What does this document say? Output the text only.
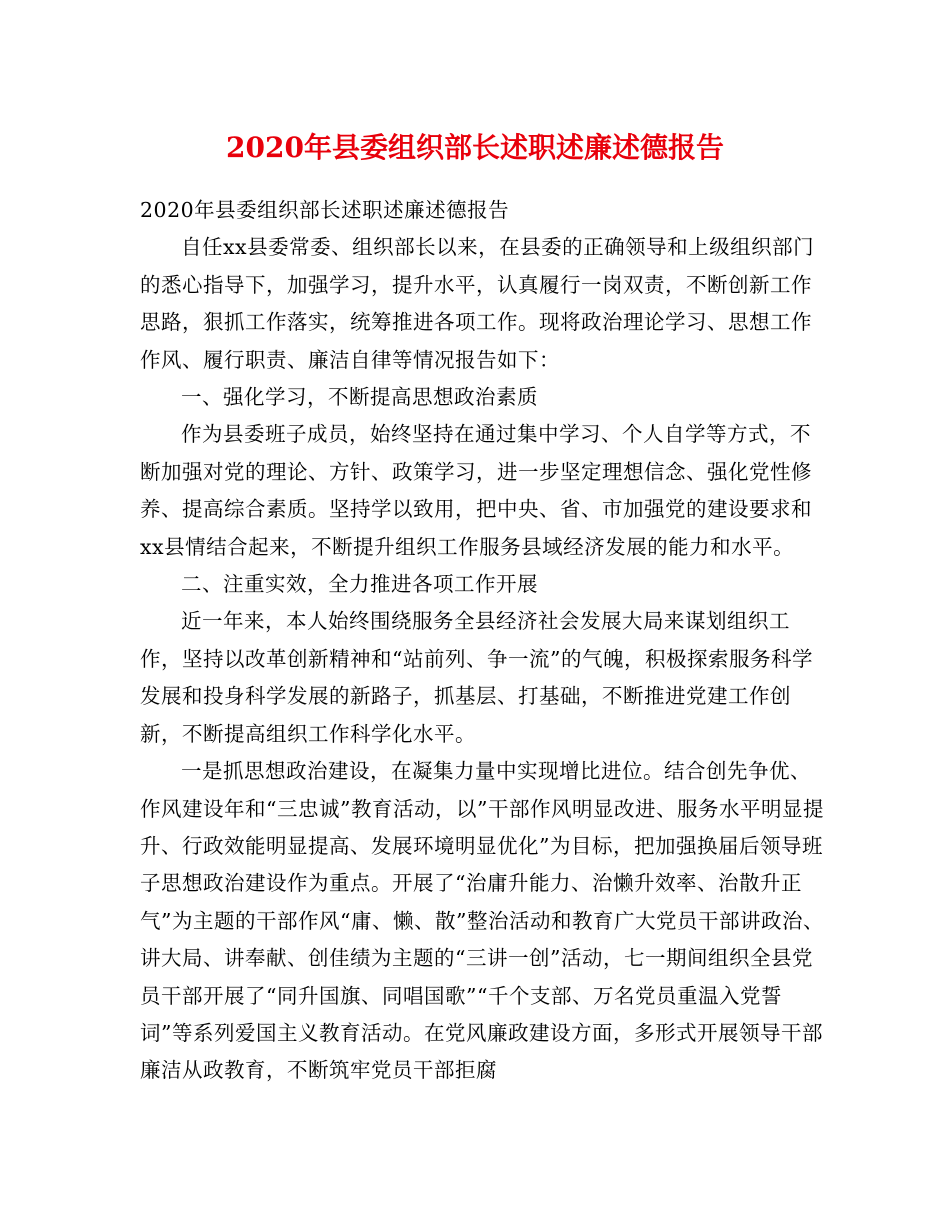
2020年县委组织部长述职述廉述德报告

2020年县委组织部长述职述廉述德报告

自任xx县委常委、组织部长以来，在县委的正确领导和上级组织部门的悉心指导下，加强学习，提升水平，认真履行一岗双责，不断创新工作思路，狠抓工作落实，统筹推进各项工作。现将政治理论学习、思想工作作风、履行职责、廉洁自律等情况报告如下：

一、强化学习，不断提高思想政治素质

作为县委班子成员，始终坚持在通过集中学习、个人自学等方式，不断加强对党的理论、方针、政策学习，进一步坚定理想信念、强化党性修养、提高综合素质。坚持学以致用，把中央、省、市加强党的建设要求和xx县情结合起来，不断提升组织工作服务县域经济发展的能力和水平。

二、注重实效，全力推进各项工作开展

近一年来，本人始终围绕服务全县经济社会发展大局来谋划组织工作，坚持以改革创新精神和“站前列、争一流”的气魄，积极探索服务科学发展和投身科学发展的新路子，抓基层、打基础，不断推进党建工作创新，不断提高组织工作科学化水平。

一是抓思想政治建设，在凝集力量中实现增比进位。结合创先争优、作风建设年和“三忠诚”教育活动，以”干部作风明显改进、服务水平明显提升、行政效能明显提高、发展环境明显优化”为目标，把加强换届后领导班子思想政治建设作为重点。开展了“治庸升能力、治懒升效率、治散升正气”为主题的干部作风“庸、懒、散”整治活动和教育广大党员干部讲政治、讲大局、讲奉献、创佳绩为主题的“三讲一创”活动，七一期间组织全县党员干部开展了“同升国旗、同唱国歌”“千个支部、万名党员重温入党誓词”等系列爱国主义教育活动。在党风廉政建设方面，多形式开展领导干部廉洁从政教育，不断筑牢党员干部拒腐
